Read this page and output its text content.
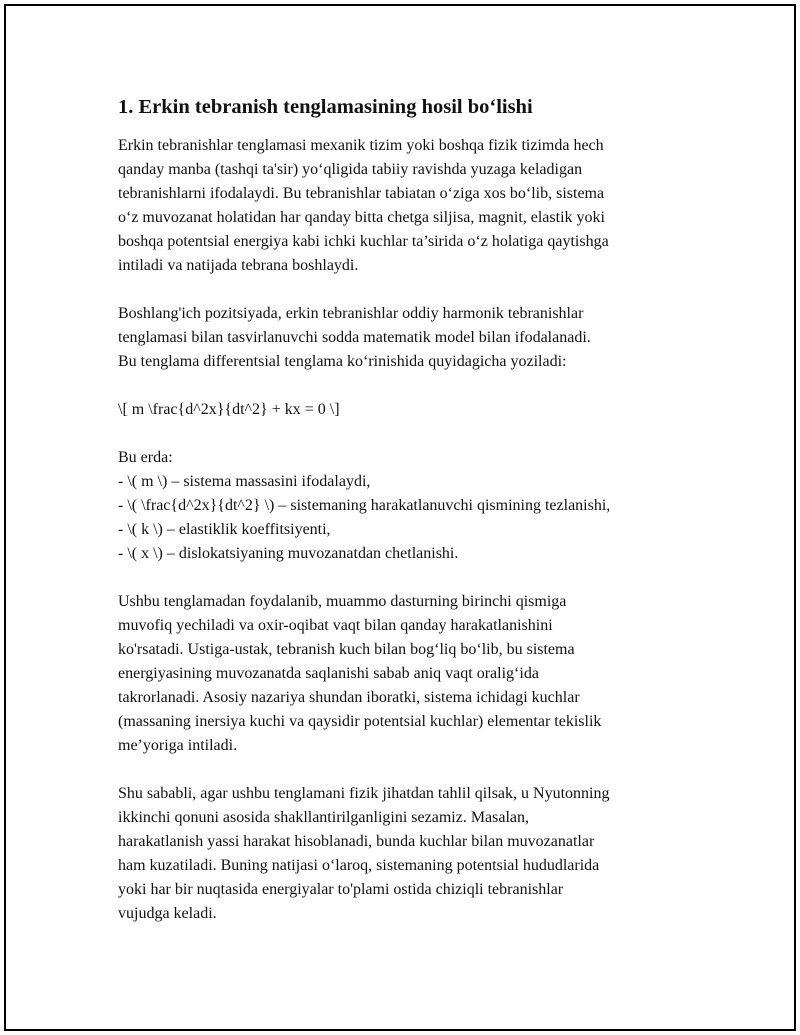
1. Erkin tebranish tenglamasining hosil bo‘lishi
Erkin tebranishlar tenglamasi mexanik tizim yoki boshqa fizik tizimda hech
qanday manba (tashqi ta'sir) yo‘qligida tabiiy ravishda yuzaga keladigan
tebranishlarni ifodalaydi. Bu tebranishlar tabiatan o‘ziga xos bo‘lib, sistema
o‘z muvozanat holatidan har qanday bitta chetga siljisa, magnit, elastik yoki
boshqa potentsial energiya kabi ichki kuchlar ta’sirida o‘z holatiga qaytishga
intiladi va natijada tebrana boshlaydi.
Boshlang'ich pozitsiyada, erkin tebranishlar oddiy harmonik tebranishlar
tenglamasi bilan tasvirlanuvchi sodda matematik model bilan ifodalanadi.
Bu tenglama differentsial tenglama ko‘rinishida quyidagicha yoziladi:
\[ m \frac{d^2x}{dt^2} + kx = 0 \]
Bu erda:
- \( m \) – sistema massasini ifodalaydi,
- \( \frac{d^2x}{dt^2} \) – sistemaning harakatlanuvchi qismining tezlanishi,
- \( k \) – elastiklik koeffitsiyenti,
- \( x \) – dislokatsiyaning muvozanatdan chetlanishi.
Ushbu tenglamadan foydalanib, muammo dasturning birinchi qismiga
muvofiq yechiladi va oxir-oqibat vaqt bilan qanday harakatlanishini
ko'rsatadi. Ustiga-ustak, tebranish kuch bilan bog‘liq bo‘lib, bu sistema
energiyasining muvozanatda saqlanishi sabab aniq vaqt oralig‘ida
takrorlanadi. Asosiy nazariya shundan iboratki, sistema ichidagi kuchlar
(massaning inersiya kuchi va qaysidir potentsial kuchlar) elementar tekislik
me’yoriga intiladi.
Shu sababli, agar ushbu tenglamani fizik jihatdan tahlil qilsak, u Nyutonning
ikkinchi qonuni asosida shakllantirilganligini sezamiz. Masalan,
harakatlanish yassi harakat hisoblanadi, bunda kuchlar bilan muvozanatlar
ham kuzatiladi. Buning natijasi o‘laroq, sistemaning potentsial hududlarida
yoki har bir nuqtasida energiyalar to'plami ostida chiziqli tebranishlar
vujudga keladi.
